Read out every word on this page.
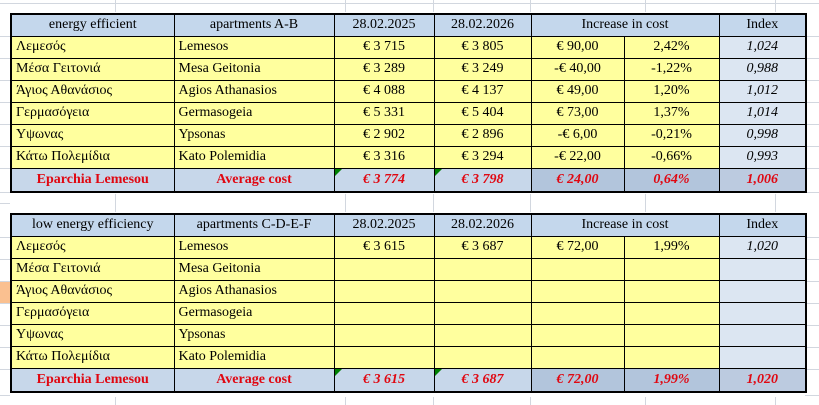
energy efficient	apartments A-B	28.02.2025	28.02.2026	Increase in cost		Index
Λεμεσός	Lemesos	€ 3 715	€ 3 805	€ 90,00	2,42%	1,024
Μέσα Γειτονιά	Mesa Geitonia	€ 3 289	€ 3 249	-€ 40,00	-1,22%	0,988
Άγιος Αθανάσιος	Agios Athanasios	€ 4 088	€ 4 137	€ 49,00	1,20%	1,012
Γερμασόγεια	Germasogeia	€ 5 331	€ 5 404	€ 73,00	1,37%	1,014
Υψωνας	Ypsonas	€ 2 902	€ 2 896	-€ 6,00	-0,21%	0,998
Κάτω Πολεμίδια	Kato Polemidia	€ 3 316	€ 3 294	-€ 22,00	-0,66%	0,993
Eparchia Lemesou	Average cost	€ 3 774	€ 3 798	€ 24,00	0,64%	1,006
low energy efficiency	apartments C-D-E-F	28.02.2025	28.02.2026	Increase in cost		Index
Λεμεσός	Lemesos	€ 3 615	€ 3 687	€ 72,00	1,99%	1,020
Μέσα Γειτονιά	Mesa Geitonia					
Άγιος Αθανάσιος	Agios Athanasios					
Γερμασόγεια	Germasogeia					
Υψωνας	Ypsonas					
Κάτω Πολεμίδια	Kato Polemidia					
Eparchia Lemesou	Average cost	€ 3 615	€ 3 687	€ 72,00	1,99%	1,020
